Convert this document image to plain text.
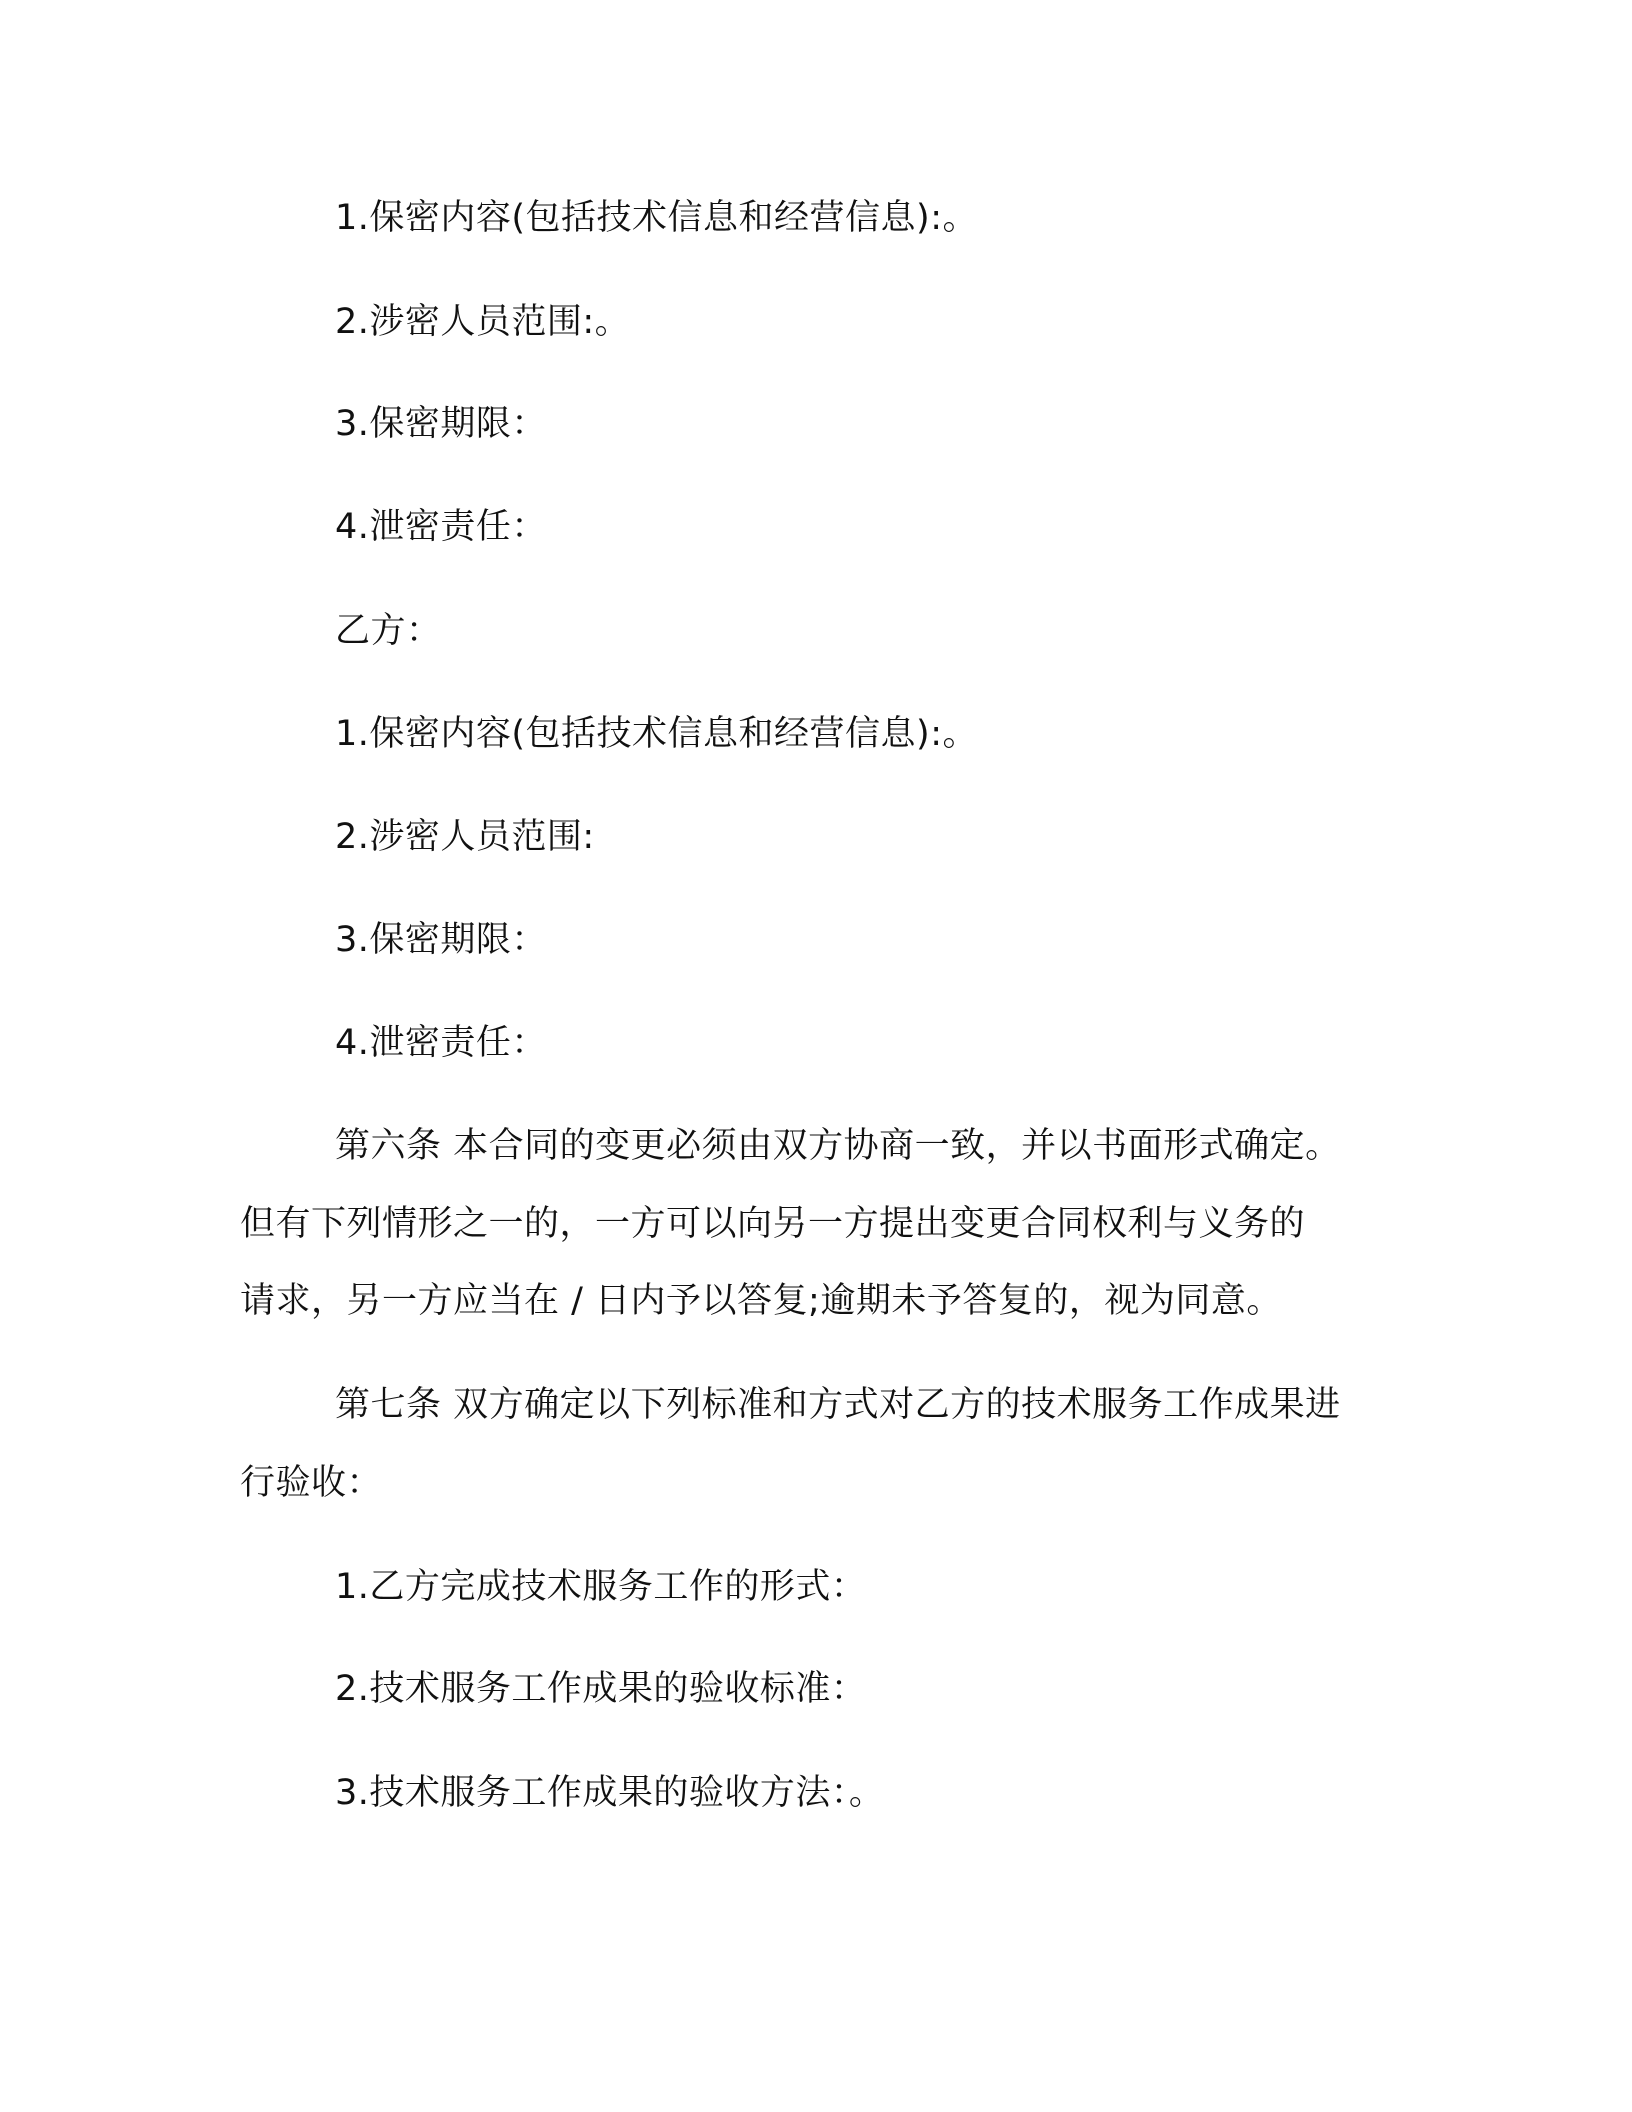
1.保密内容(包括技术信息和经营信息):。
2.涉密人员范围:。
3.保密期限：
4.泄密责任：
乙方：
1.保密内容(包括技术信息和经营信息):。
2.涉密人员范围:
3.保密期限：
4.泄密责任：
第六条 本合同的变更必须由双方协商一致，并以书面形式确定。
但有下列情形之一的，一方可以向另一方提出变更合同权利与义务的
请求，另一方应当在 / 日内予以答复;逾期未予答复的，视为同意。
第七条 双方确定以下列标准和方式对乙方的技术服务工作成果进
行验收：
1.乙方完成技术服务工作的形式：
2.技术服务工作成果的验收标准：
3.技术服务工作成果的验收方法：。
